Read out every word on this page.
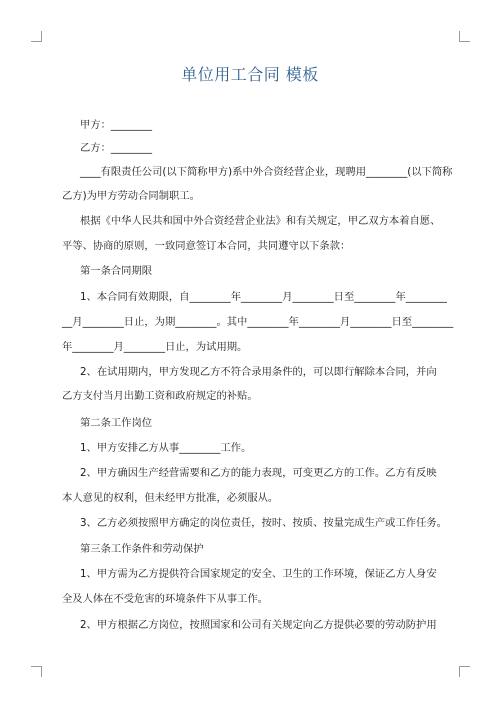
单位用工合同 模板
甲方：________
乙方：________
____有限责任公司(以下简称甲方)系中外合资经营企业，现聘用________(以下简称
乙方)为甲方劳动合同制职工。
根据《中华人民共和国中外合资经营企业法》和有关规定，甲乙双方本着自愿、
平等、协商的原则，一致同意签订本合同，共同遵守以下条款：
第一条合同期限
1、本合同有效期限，自________年________月________日至________年________
__月________日止，为期________。其中________年________月________日至________
年________月________日止，为试用期。
2、在试用期内，甲方发现乙方不符合录用条件的，可以即行解除本合同，并向
乙方支付当月出勤工资和政府规定的补贴。
第二条工作岗位
1、甲方安排乙方从事________工作。
2、甲方确因生产经营需要和乙方的能力表现，可变更乙方的工作。乙方有反映
本人意见的权利，但未经甲方批准，必须服从。
3、乙方必须按照甲方确定的岗位责任，按时、按质、按量完成生产或工作任务。
第三条工作条件和劳动保护
1、甲方需为乙方提供符合国家规定的安全、卫生的工作环境，保证乙方人身安
全及人体在不受危害的环境条件下从事工作。
2、甲方根据乙方岗位，按照国家和公司有关规定向乙方提供必要的劳动防护用
